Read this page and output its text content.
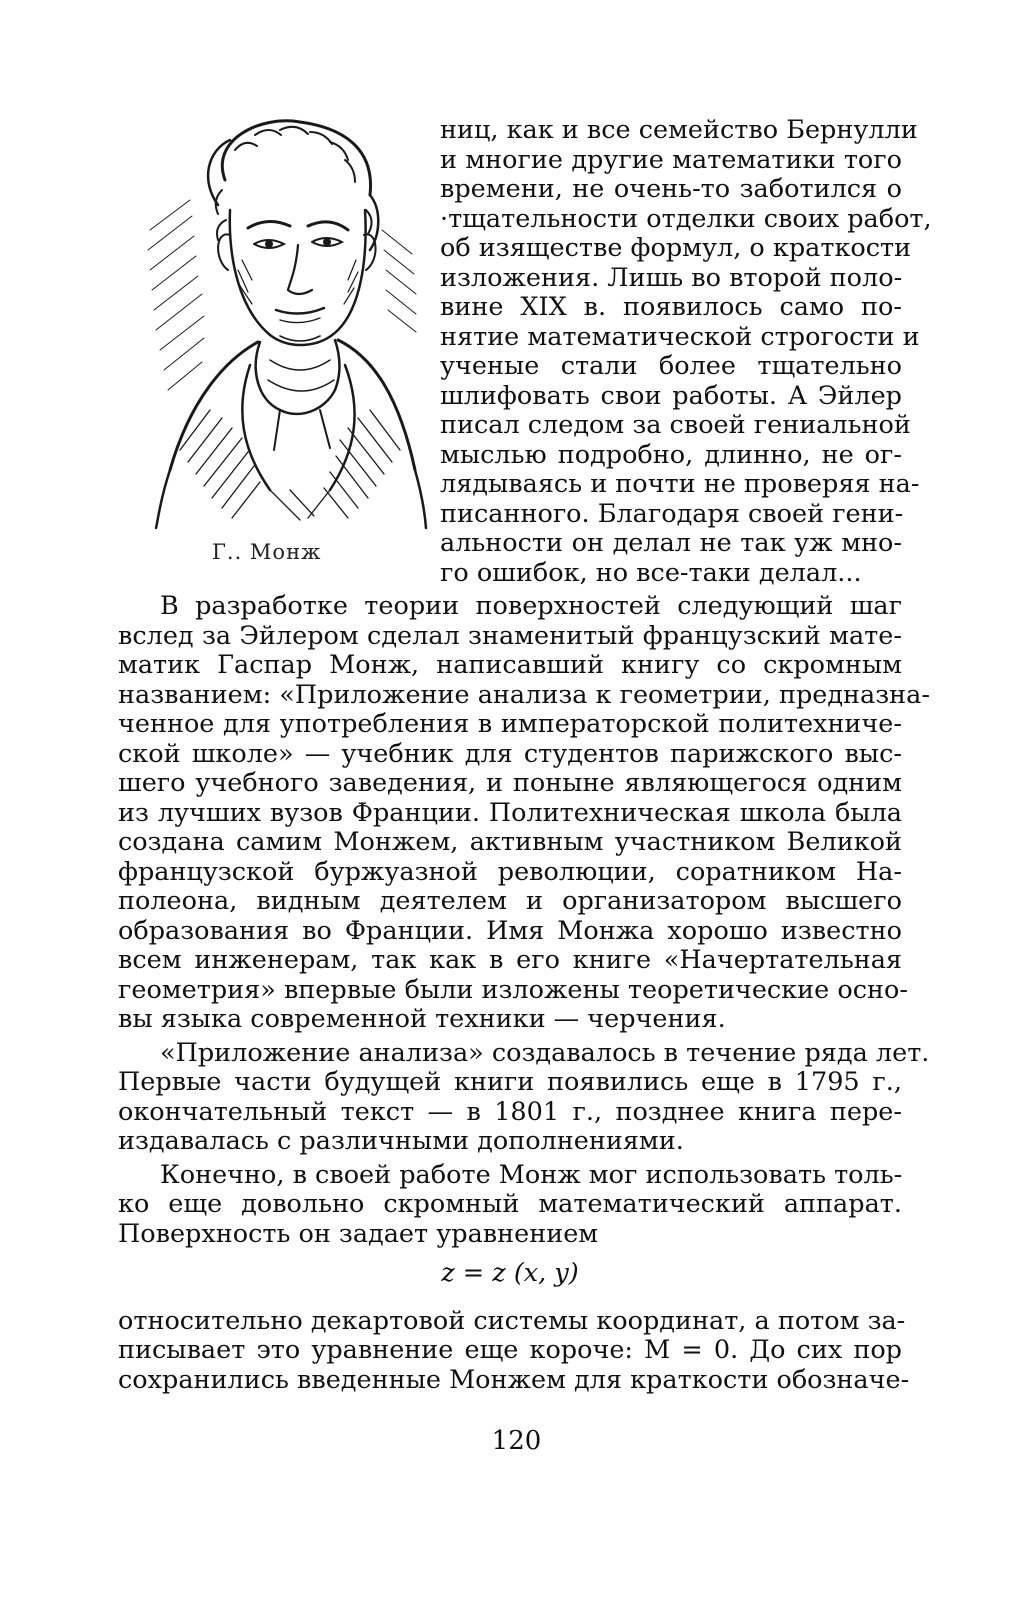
Г.. Монж
ниц, как и все семейство Бернулли
и многие другие математики того
времени, не очень-то заботился о
·тщательности отделки своих работ,
об изяществе формул, о краткости
изложения. Лишь во второй поло-
вине XIX в. появилось само по-
нятие математической строгости и
ученые стали более тщательно
шлифовать свои работы. А Эйлер
писал следом за своей гениальной
мыслью подробно, длинно, не ог-
лядываясь и почти не проверяя на-
писанного. Благодаря своей гени-
альности он делал не так уж мно-
го ошибок, но все-таки делал...
В разработке теории поверхностей следующий шаг
вслед за Эйлером сделал знаменитый французский мате-
матик Гаспар Монж, написавший книгу со скромным
названием: «Приложение анализа к геометрии, предназна-
ченное для употребления в императорской политехниче-
ской школе» — учебник для студентов парижского выс-
шего учебного заведения, и поныне являющегося одним
из лучших вузов Франции. Политехническая школа была
создана самим Монжем, активным участником Великой
французской буржуазной революции, соратником На-
полеона, видным деятелем и организатором высшего
образования во Франции. Имя Монжа хорошо известно
всем инженерам, так как в его книге «Начертательная
геометрия» впервые были изложены теоретические осно-
вы языка современной техники — черчения.
«Приложение анализа» создавалось в течение ряда лет.
Первые части будущей книги появились еще в 1795 г.,
окончательный текст — в 1801 г., позднее книга пере-
издавалась с различными дополнениями.
Конечно, в своей работе Монж мог использовать толь-
ко еще довольно скромный математический аппарат.
Поверхность он задает уравнением
z = z (x, y)
относительно декартовой системы координат, а потом за-
писывает это уравнение еще короче: M = 0. До сих пор
сохранились введенные Монжем для краткости обозначе-
120
